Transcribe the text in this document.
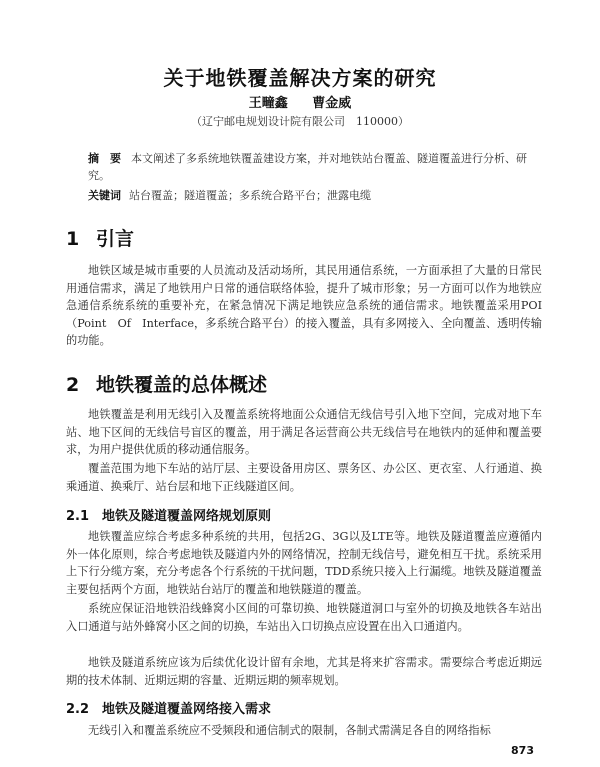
关于地铁覆盖解决方案的研究
王疃鑫 曹金威
（辽宁邮电规划设计院有限公司　110000）
摘　要 本文阐述了多系统地铁覆盖建设方案，并对地铁站台覆盖、隧道覆盖进行分析、研究。
关键词 站台覆盖；隧道覆盖；多系统合路平台；泄露电缆
1 引言
地铁区域是城市重要的人员流动及活动场所，其民用通信系统，一方面承担了大量的日常民用通信需求，满足了地铁用户日常的通信联络体验，提升了城市形象；另一方面可以作为地铁应急通信系统系统的重要补充，在紧急情况下满足地铁应急系统的通信需求。地铁覆盖采用POI（Point　Of　Interface，多系统合路平台）的接入覆盖，具有多网接入、全向覆盖、透明传输的功能。
2 地铁覆盖的总体概述
地铁覆盖是利用无线引入及覆盖系统将地面公众通信无线信号引入地下空间，完成对地下车站、地下区间的无线信号盲区的覆盖，用于满足各运营商公共无线信号在地铁内的延伸和覆盖要求，为用户提供优质的移动通信服务。
覆盖范围为地下车站的站厅层、主要设备用房区、票务区、办公区、更衣室、人行通道、换乘通道、换乘厅、站台层和地下正线隧道区间。
2.1 地铁及隧道覆盖网络规划原则
地铁覆盖应综合考虑多种系统的共用，包括2G、3G以及LTE等。地铁及隧道覆盖应遵循内外一体化原则，综合考虑地铁及隧道内外的网络情况，控制无线信号，避免相互干扰。系统采用上下行分缆方案，充分考虑各个行系统的干扰问题，TDD系统只接入上行漏缆。地铁及隧道覆盖主要包括两个方面，地铁站台站厅的覆盖和地铁隧道的覆盖。
系统应保证沿地铁沿线蜂窝小区间的可靠切换、地铁隧道洞口与室外的切换及地铁各车站出入口通道与站外蜂窝小区之间的切换，车站出入口切换点应设置在出入口通道内。
地铁及隧道系统应该为后续优化设计留有余地，尤其是将来扩容需求。需要综合考虑近期远期的技术体制、近期远期的容量、近期远期的频率规划。
2.2 地铁及隧道覆盖网络接入需求
无线引入和覆盖系统应不受频段和通信制式的限制，各制式需满足各自的网络指标
873
